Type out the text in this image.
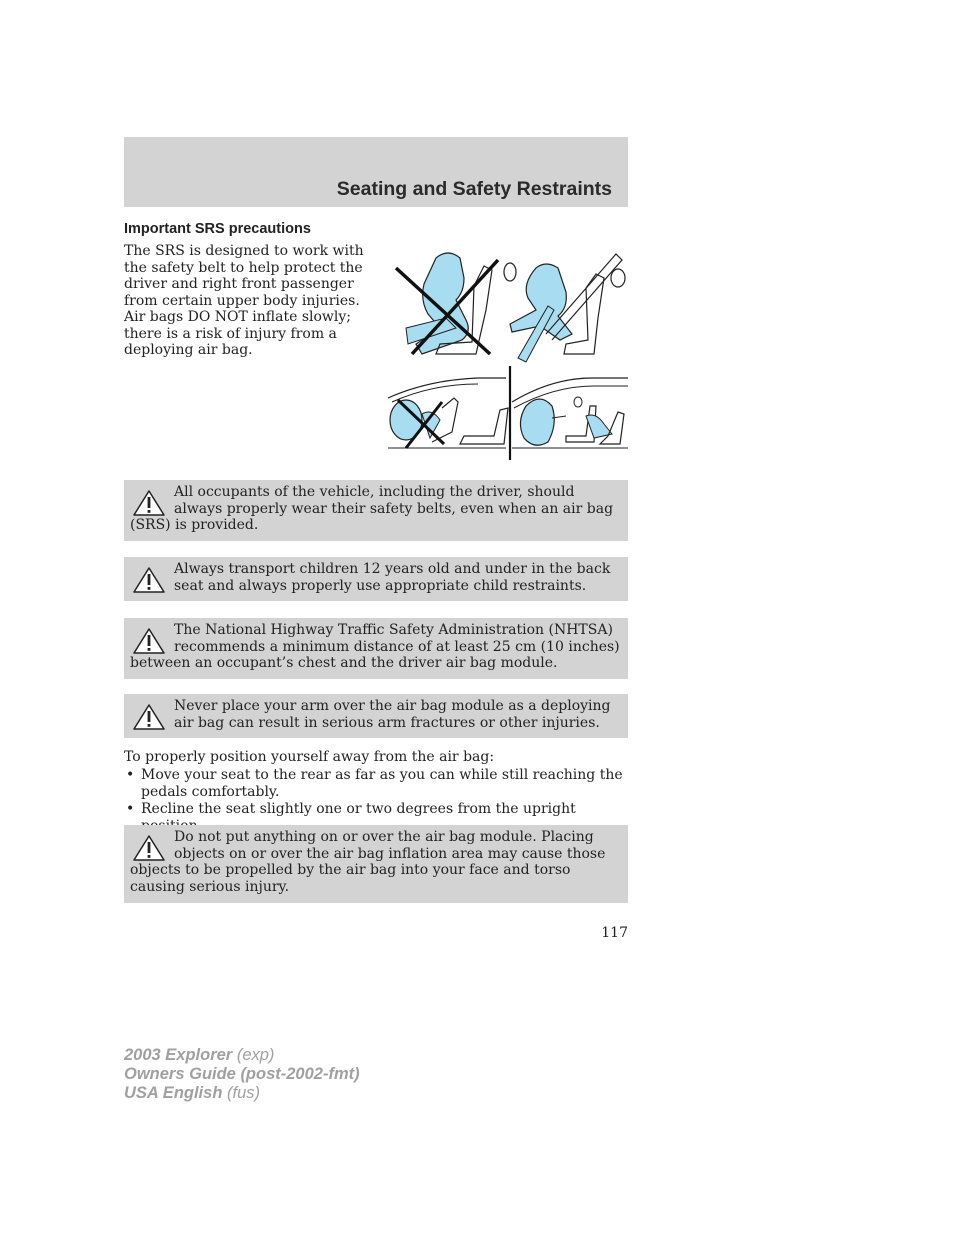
Seating and Safety Restraints
Important SRS precautions
The SRS is designed to work with the safety belt to help protect the driver and right front passenger from certain upper body injuries. Air bags DO NOT inflate slowly; there is a risk of injury from a deploying air bag.
All occupants of the vehicle, including the driver, should always properly wear their safety belts, even when an air bag (SRS) is provided.
Always transport children 12 years old and under in the back seat and always properly use appropriate child restraints.
The National Highway Traffic Safety Administration (NHTSA) recommends a minimum distance of at least 25 cm (10 inches) between an occupant’s chest and the driver air bag module.
Never place your arm over the air bag module as a deploying air bag can result in serious arm fractures or other injuries.
To properly position yourself away from the air bag:
• Move your seat to the rear as far as you can while still reaching the pedals comfortably.
• Recline the seat slightly one or two degrees from the upright
Do not put anything on or over the air bag module. Placing objects on or over the air bag inflation area may cause those objects to be propelled by the air bag into your face and torso causing serious injury.
117
2003 Explorer (exp)
Owners Guide (post-2002-fmt)
USA English (fus)
